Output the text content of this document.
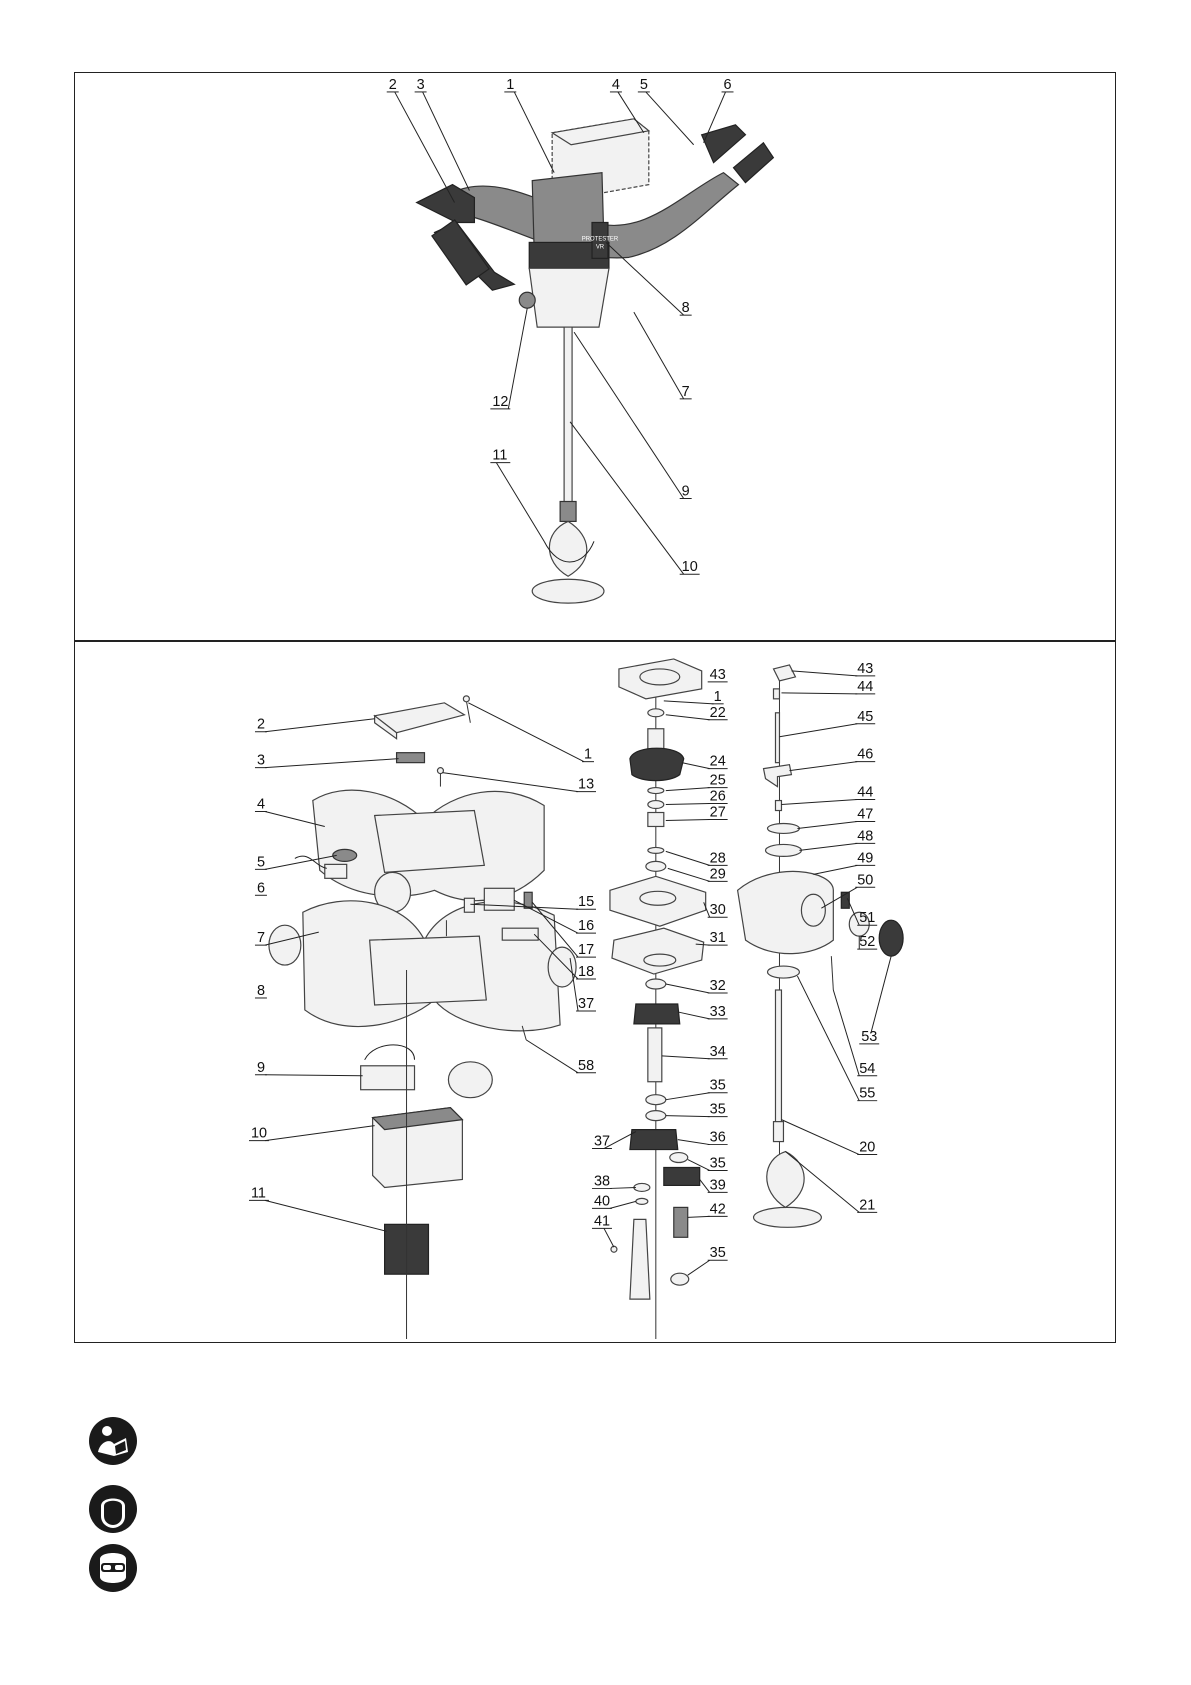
PROTESTER
VR
1
2 3	4 5	6
8
7
12
9
11
10
2
3
4
5
6
7
8
9
10
11
1
13
15
16
17
18
37
58
43
1
22
24
25
26
27
28
29
30
31
32
33
34
35
35
36
35
39
42
35
37
38
40
41
43
44
45
46
44
47
48
49
50
51
52
53
54
55
20
21
